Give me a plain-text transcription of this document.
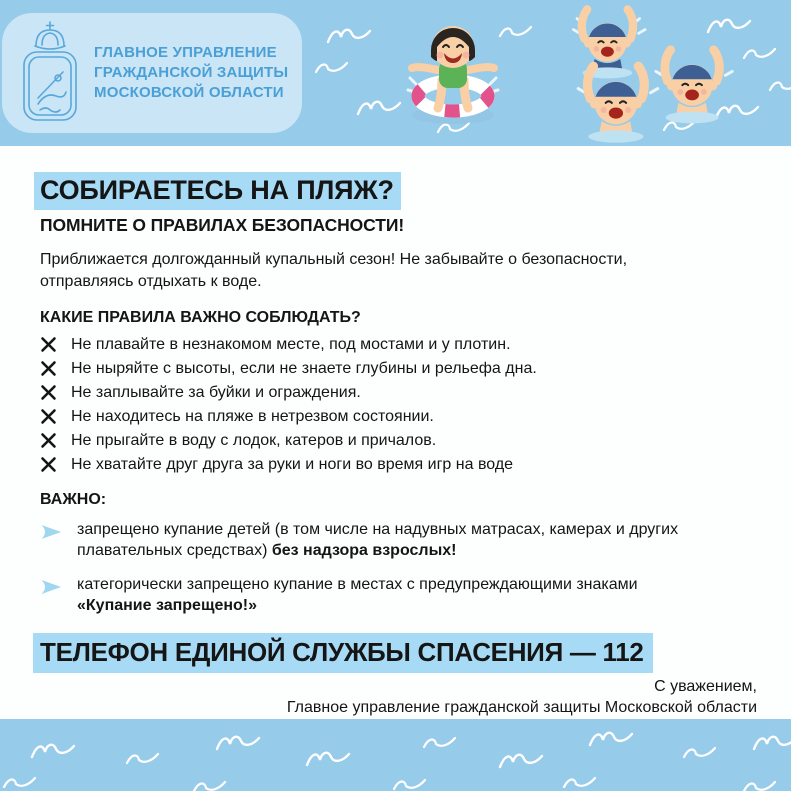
ГЛАВНОЕ УПРАВЛЕНИЕ
ГРАЖДАНСКОЙ ЗАЩИТЫ
МОСКОВСКОЙ ОБЛАСТИ
СОБИРАЕТЕСЬ НА ПЛЯЖ?
ПОМНИТЕ О ПРАВИЛАХ БЕЗОПАСНОСТИ!

Приближается долгожданный купальный сезон! Не забывайте о безопасности, отправляясь отдыхать к воде.

КАКИЕ ПРАВИЛА ВАЖНО СОБЛЮДАТЬ?
Не плавайте в незнакомом месте, под мостами и у плотин.
Не ныряйте с высоты, если не знаете глубины и рельефа дна.
Не заплывайте за буйки и ограждения.
Не находитесь на пляже в нетрезвом состоянии.
Не прыгайте в воду с лодок, катеров и причалов.
Не хватайте друг друга за руки и ноги во время игр на воде
ВАЖНО:
запрещено купание детей (в том числе на надувных матрасах, камерах и других плавательных средствах) без надзора взрослых!
категорически запрещено купание в местах с предупреждающими знаками «Купание запрещено!»
ТЕЛЕФОН ЕДИНОЙ СЛУЖБЫ СПАСЕНИЯ — 112
С уважением,
Главное управление гражданской защиты Московской области
